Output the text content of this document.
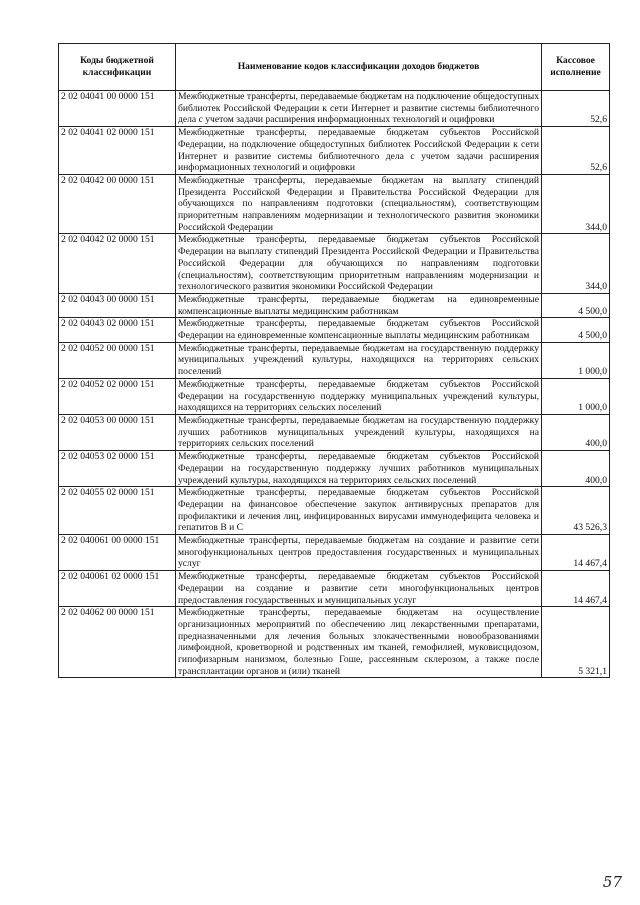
Коды бюджетной классификации	Наименование кодов классификации доходов бюджетов	Кассовое исполнение
2 02 04041 00 0000 151	Межбюджетные трансферты, передаваемые бюджетам на подключение общедоступных библиотек Российской Федерации к сети Интернет и развитие системы библиотечного дела с учетом задачи расширения информационных технологий и оцифровки	52,6
2 02 04041 02 0000 151	Межбюджетные трансферты, передаваемые бюджетам субъектов Российской Федерации, на подключение общедоступных библиотек Российской Федерации к сети Интернет и развитие системы библиотечного дела с учетом задачи расширения информационных технологий и оцифровки	52,6
2 02 04042 00 0000 151	Межбюджетные трансферты, передаваемые бюджетам на выплату стипендий Президента Российской Федерации и Правительства Российской Федерации для обучающихся по направлениям подготовки (специальностям), соответствующим приоритетным направлениям модернизации и технологического развития экономики Российской Федерации	344,0
2 02 04042 02 0000 151	Межбюджетные трансферты, передаваемые бюджетам субъектов Российской Федерации на выплату стипендий Президента Российской Федерации и Правительства Российской Федерации для обучающихся по направлениям подготовки (специальностям), соответствующим приоритетным направлениям модернизации и технологического развития экономики Российской Федерации	344,0
2 02 04043 00 0000 151	Межбюджетные трансферты, передаваемые бюджетам на единовременные компенсационные выплаты медицинским работникам	4 500,0
2 02 04043 02 0000 151	Межбюджетные трансферты, передаваемые бюджетам субъектов Российской Федерации на единовременные компенсационные выплаты медицинским работникам	4 500,0
2 02 04052 00 0000 151	Межбюджетные трансферты, передаваемые бюджетам на государственную поддержку муниципальных учреждений культуры, находящихся на территориях сельских поселений	1 000,0
2 02 04052 02 0000 151	Межбюджетные трансферты, передаваемые бюджетам субъектов Российской Федерации на государственную поддержку муниципальных учреждений культуры, находящихся на территориях сельских поселений	1 000,0
2 02 04053 00 0000 151	Межбюджетные трансферты, передаваемые бюджетам на государственную поддержку лучших работников муниципальных учреждений культуры, находящихся на территориях сельских поселений	400,0
2 02 04053 02 0000 151	Межбюджетные трансферты, передаваемые бюджетам субъектов Российской Федерации на государственную поддержку лучших работников муниципальных учреждений культуры, находящихся на территориях сельских поселений	400,0
2 02 04055 02 0000 151	Межбюджетные трансферты, передаваемые бюджетам субъектов Российской Федерации на финансовое обеспечение закупок антивирусных препаратов для профилактики и лечения лиц, инфицированных вирусами иммунодефицита человека и гепатитов В и С	43 526,3
2 02 040061 00 0000 151	Межбюджетные трансферты, передаваемые бюджетам на создание и развитие сети многофункциональных центров предоставления государственных и муниципальных услуг	14 467,4
2 02 040061 02 0000 151	Межбюджетные трансферты, передаваемые бюджетам субъектов Российской Федерации на создание и развитие сети многофункциональных центров предоставления государственных и муниципальных услуг	14 467,4
2 02 04062 00 0000 151	Межбюджетные трансферты, передаваемые бюджетам на осуществление организационных мероприятий по обеспечению лиц лекарственными препаратами, предназначенными для лечения больных злокачественными новообразованиями лимфоидной, кроветворной и родственных им тканей, гемофилией, муковисцидозом, гипофизарным нанизмом, болезнью Гоше, рассеянным склерозом, а также после трансплантации органов и (или) тканей	5 321,1
57
